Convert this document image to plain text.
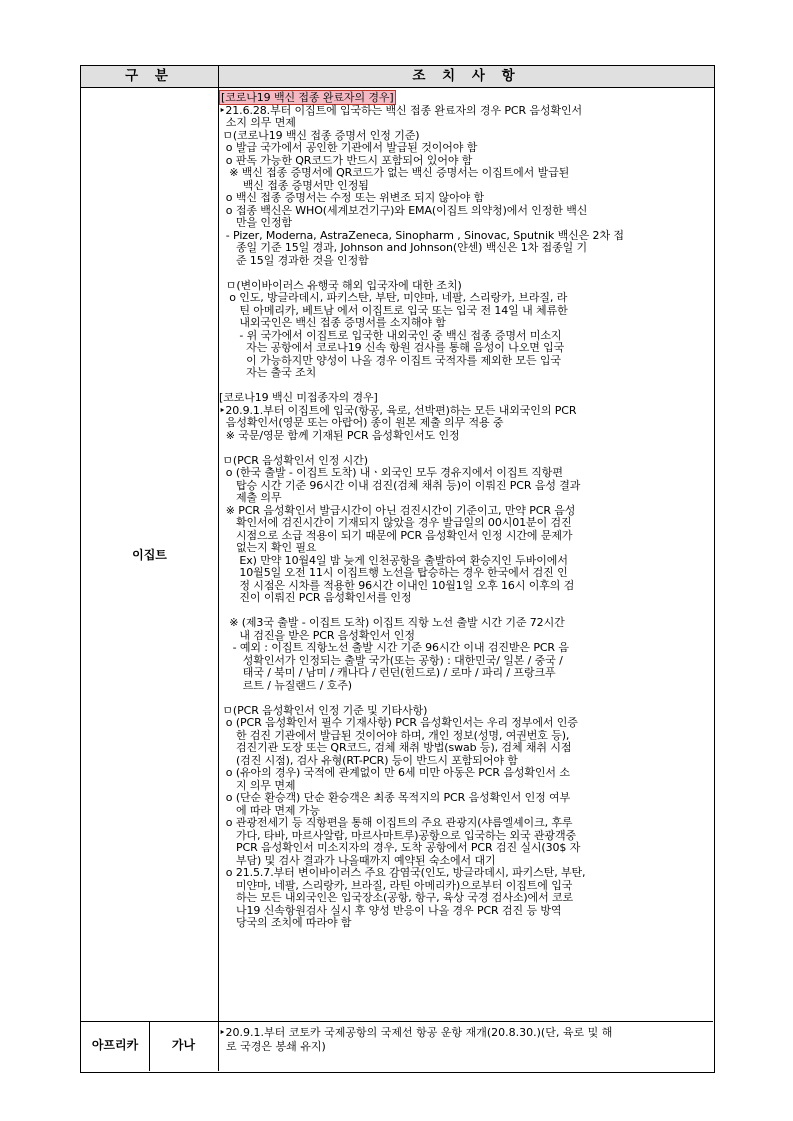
구 분	조 치 사 항
이집트
아프리카	가나

[코로나19 백신 접종 완료자의 경우]

‣21.6.28.부터 이집트에 입국하는 백신 접종 완료자의 경우 PCR 음성확인서

소지 의무 면제

ㅁ(코로나19 백신 접종 증명서 인정 기준)

o 발급 국가에서 공인한 기관에서 발급된 것이어야 함

o 판독 가능한 QR코드가 반드시 포함되어 있어야 함

※ 백신 접종 증명서에 QR코드가 없는 백신 증명서는 이집트에서 발급된

백신 접종 증명서만 인정됨

o 백신 접종 증명서는 수정 또는 위변조 되지 않아야 함

o 접종 백신은 WHO(세계보건기구)와 EMA(이집트 의약청)에서 인정한 백신

만을 인정함

- Pizer, Moderna, AstraZeneca, Sinopharm , Sinovac, Sputnik 백신은 2차 접

종일 기준 15일 경과, Johnson and Johnson(얀센) 백신은 1차 접종일 기

준 15일 경과한 것을 인정함

ㅁ(변이바이러스 유행국 해외 입국자에 대한 조치)

o 인도, 방글라데시, 파키스탄, 부탄, 미얀마, 네팔, 스리랑카, 브라질, 라

틴 아메리카, 베트남 에서 이집트로 입국 또는 입국 전 14일 내 체류한

내외국인은 백신 접종 증명서를 소지해야 함

- 위 국가에서 이집트로 입국한 내외국인 중 백신 접종 증명서 미소지

자는 공항에서 코로나19 신속 항원 검사를 통해 음성이 나오면 입국

이 가능하지만 양성이 나올 경우 이집트 국적자를 제외한 모든 입국

자는 출국 조치

[코로나19 백신 미접종자의 경우]

‣20.9.1.부터 이집트에 입국(항공, 육로, 선박편)하는 모든 내외국인의 PCR

음성확인서(영문 또는 아랍어) 종이 원본 제출 의무 적용 중

※ 국문/영문 함께 기재된 PCR 음성확인서도 인정

ㅁ(PCR 음성확인서 인정 시간)

o (한국 출발 - 이집트 도착) 내ㆍ외국인 모두 경유지에서 이집트 직항편

탑승 시간 기준 96시간 이내 검진(검체 채취 등)이 이뤄진 PCR 음성 결과

제출 의무

※ PCR 음성확인서 발급시간이 아닌 검진시간이 기준이고, 만약 PCR 음성

확인서에 검진시간이 기재되지 않았을 경우 발급일의 00시01분이 검진

시점으로 소급 적용이 되기 때문에 PCR 음성확인서 인정 시간에 문제가

없는지 확인 필요

Ex) 만약 10월4일 밤 늦게 인천공항을 출발하여 환승지인 두바이에서

10월5일 오전 11시 이집트행 노선을 탑승하는 경우 한국에서 검진 인

정 시점은 시차를 적용한 96시간 이내인 10월1일 오후 16시 이후의 검

진이 이뤄진 PCR 음성확인서를 인정

※ (제3국 출발 - 이집트 도착) 이집트 직항 노선 출발 시간 기준 72시간

내 검진을 받은 PCR 음성확인서 인정

- 예외 : 이집트 직항노선 출발 시간 기준 96시간 이내 검진받은 PCR 음

성확인서가 인정되는 출발 국가(또는 공항) : 대한민국/ 일본 / 중국 /

태국 / 북미 / 남미 / 캐나다 / 런던(힌드로) / 로마 / 파리 / 프랑크푸

르트 / 뉴질랜드 / 호주)

ㅁ(PCR 음성확인서 인정 기준 및 기타사항)

o (PCR 음성확인서 필수 기재사항) PCR 음성확인서는 우리 정부에서 인증

한 검진 기관에서 발급된 것이어야 하며, 개인 정보(성명, 여권번호 등),

검진기관 도장 또는 QR코드, 검체 채취 방법(swab 등), 검체 채취 시점

(검진 시점), 검사 유형(RT-PCR) 등이 반드시 포함되어야 함

o (유아의 경우) 국적에 관계없이 만 6세 미만 아동은 PCR 음성확인서 소

지 의무 면제

o (단순 환승객) 단순 환승객은 최종 목적지의 PCR 음성확인서 인정 여부

에 따라 면제 가능

o 관광전세기 등 직항편을 통해 이집트의 주요 관광지(샤름엘셰이크, 후루

가다, 타바, 마르사알람, 마르사마트루)공항으로 입국하는 외국 관광객중

PCR 음성확인서 미소지자의 경우, 도착 공항에서 PCR 검진 실시(30$ 자

부담) 및 검사 결과가 나올때까지 예약된 숙소에서 대기

o 21.5.7.부터 변이바이러스 주요 감염국(인도, 방글라데시, 파키스탄, 부탄,

미얀마, 네팔, 스리랑카, 브라질, 라틴 아메리카)으로부터 이집트에 입국

하는 모든 내외국인은 입국장소(공항, 항구, 육상 국경 검사소)에서 코로

나19 신속항원검사 실시 후 양성 반응이 나올 경우 PCR 검진 등 방역

당국의 조치에 따라야 함

‣20.9.1.부터 코토카 국제공항의 국제선 항공 운항 재개(20.8.30.)(단, 육로 및 해

로 국경은 봉쇄 유지)
